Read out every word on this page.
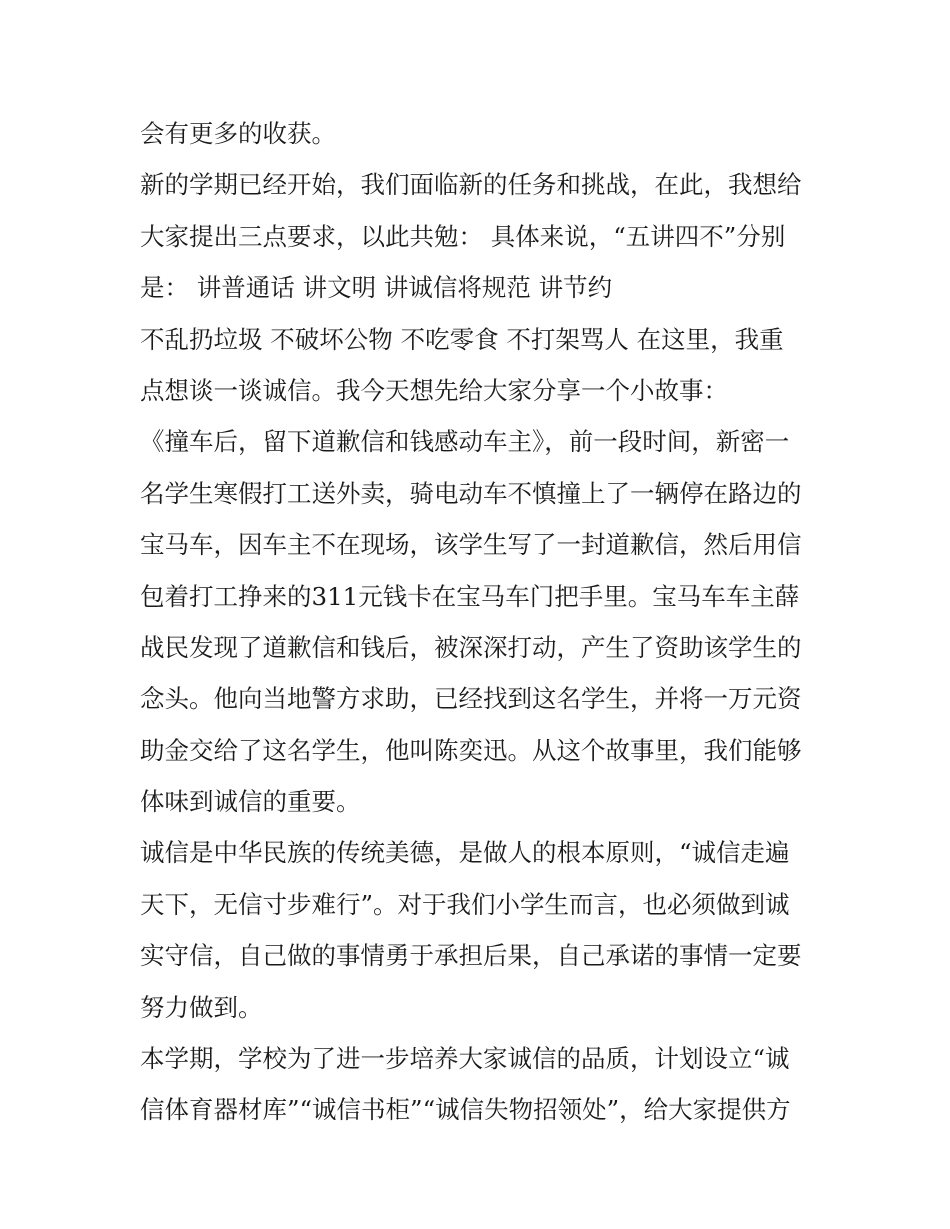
会有更多的收获。
新的学期已经开始，我们面临新的任务和挑战，在此，我想给
大家提出三点要求，以此共勉： 具体来说，“五讲四不”分别
是： 讲普通话 讲文明 讲诚信将规范 讲节约
不乱扔垃圾 不破坏公物 不吃零食 不打架骂人 在这里，我重
点想谈一谈诚信。我今天想先给大家分享一个小故事：
《撞车后，留下道歉信和钱感动车主》，前一段时间，新密一
名学生寒假打工送外卖，骑电动车不慎撞上了一辆停在路边的
宝马车，因车主不在现场，该学生写了一封道歉信，然后用信
包着打工挣来的311元钱卡在宝马车门把手里。宝马车车主薛
战民发现了道歉信和钱后，被深深打动，产生了资助该学生的
念头。他向当地警方求助，已经找到这名学生，并将一万元资
助金交给了这名学生，他叫陈奕迅。从这个故事里，我们能够
体味到诚信的重要。
诚信是中华民族的传统美德，是做人的根本原则，“诚信走遍
天下，无信寸步难行”。对于我们小学生而言，也必须做到诚
实守信，自己做的事情勇于承担后果，自己承诺的事情一定要
努力做到。
本学期，学校为了进一步培养大家诚信的品质，计划设立“诚
信体育器材库”“诚信书柜”“诚信失物招领处”，给大家提供方
